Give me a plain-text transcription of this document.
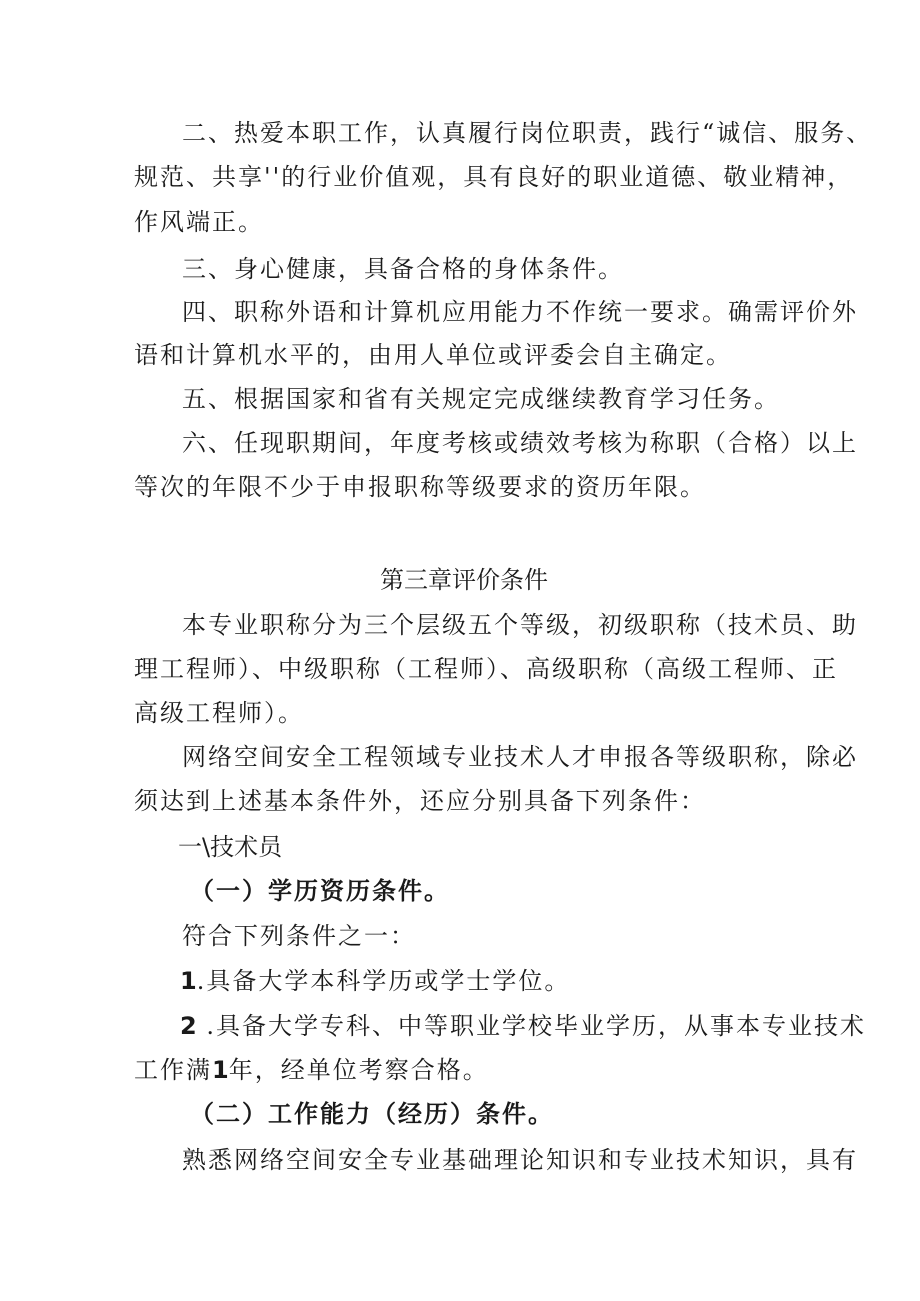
二、热爱本职工作，认真履行岗位职责，践行“诚信、服务、
规范、共享''的行业价值观，具有良好的职业道德、敬业精神，
作风端正。
三、身心健康，具备合格的身体条件。
四、职称外语和计算机应用能力不作统一要求。确需评价外
语和计算机水平的，由用人单位或评委会自主确定。
五、根据国家和省有关规定完成继续教育学习任务。
六、任现职期间，年度考核或绩效考核为称职（合格）以上
等次的年限不少于申报职称等级要求的资历年限。
第三章评价条件
本专业职称分为三个层级五个等级，初级职称（技术员、助
理工程师）、中级职称（工程师）、高级职称（高级工程师、正
高级工程师）。
网络空间安全工程领域专业技术人才申报各等级职称，除必
须达到上述基本条件外，还应分别具备下列条件：
一\技术员
（一）学历资历条件。
符合下列条件之一：
1.具备大学本科学历或学士学位。
2 .具备大学专科、中等职业学校毕业学历，从事本专业技术
工作满1年，经单位考察合格。
（二）工作能力（经历）条件。
熟悉网络空间安全专业基础理论知识和专业技术知识，具有
